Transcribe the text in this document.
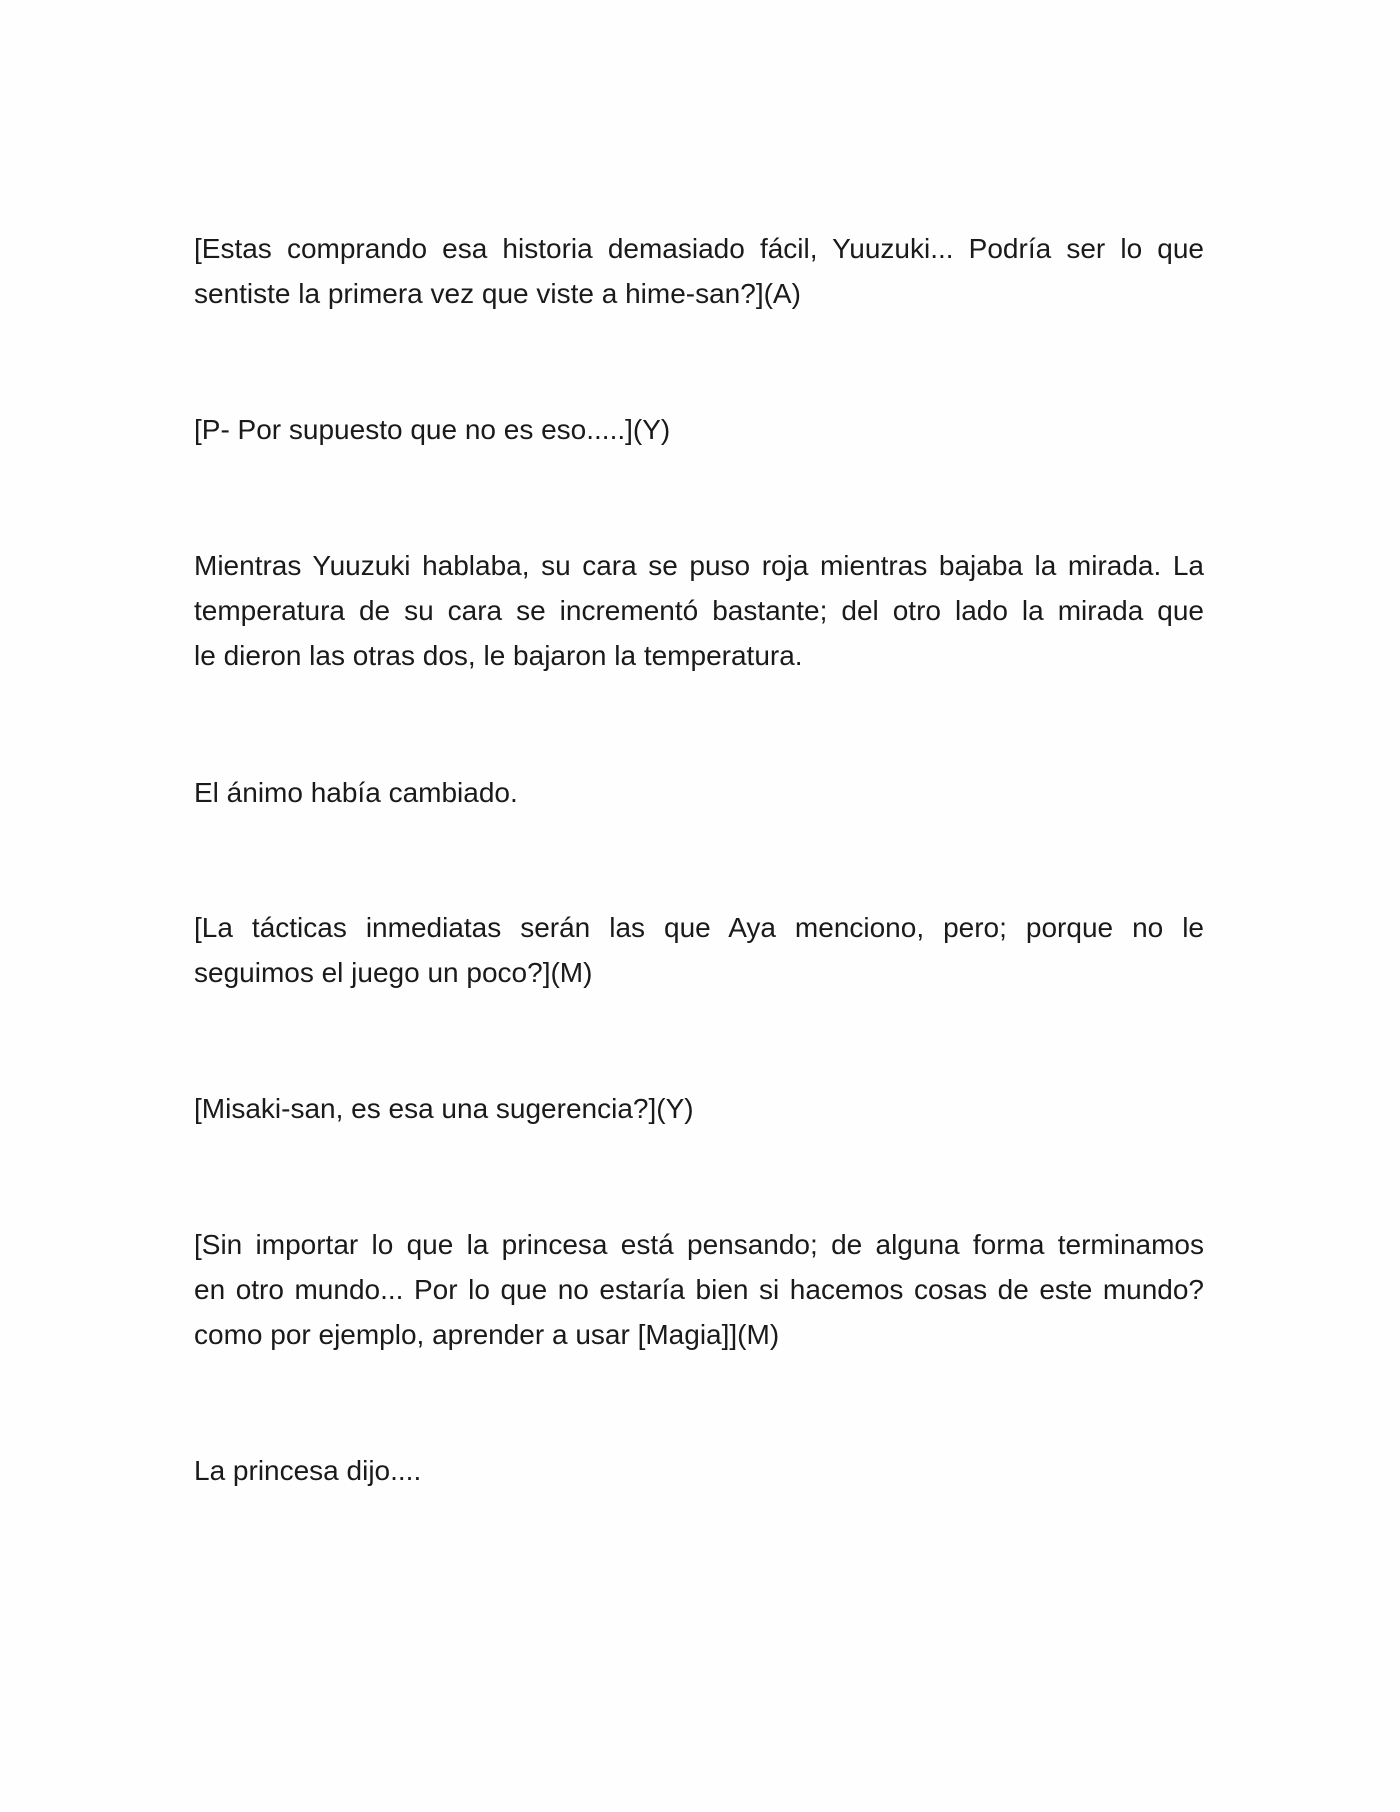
[Estas comprando esa historia demasiado fácil, Yuuzuki... Podría ser lo que
sentiste la primera vez que viste a hime-san?](A)

[P- Por supuesto que no es eso.....](Y)

Mientras Yuuzuki hablaba, su cara se puso roja mientras bajaba la mirada. La
temperatura de su cara se incrementó bastante; del otro lado la mirada que
le dieron las otras dos, le bajaron la temperatura.

El ánimo había cambiado.

[La tácticas inmediatas serán las que Aya menciono, pero; porque no le
seguimos el juego un poco?](M)

[Misaki-san, es esa una sugerencia?](Y)

[Sin importar lo que la princesa está pensando; de alguna forma terminamos
en otro mundo... Por lo que no estaría bien si hacemos cosas de este mundo?
como por ejemplo, aprender a usar [Magia]](M)

La princesa dijo....
